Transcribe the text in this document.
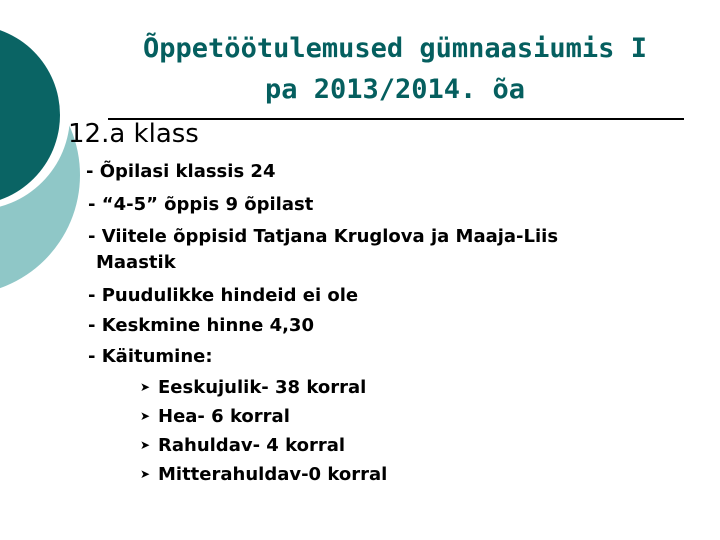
Õppetöötulemused gümnaasiumis I
pa 2013/2014. õa
12.a klass
- Õpilasi klassis 24
- “4-5” õppis 9 õpilast
- Viitele õppisid Tatjana Kruglova ja Maaja-Liis
Maastik
- Puudulikke hindeid ei ole
- Keskmine hinne 4,30
- Käitumine:
➤ Eeskujulik- 38 korral
➤ Hea- 6 korral
➤ Rahuldav- 4 korral
➤ Mitterahuldav-0 korral
